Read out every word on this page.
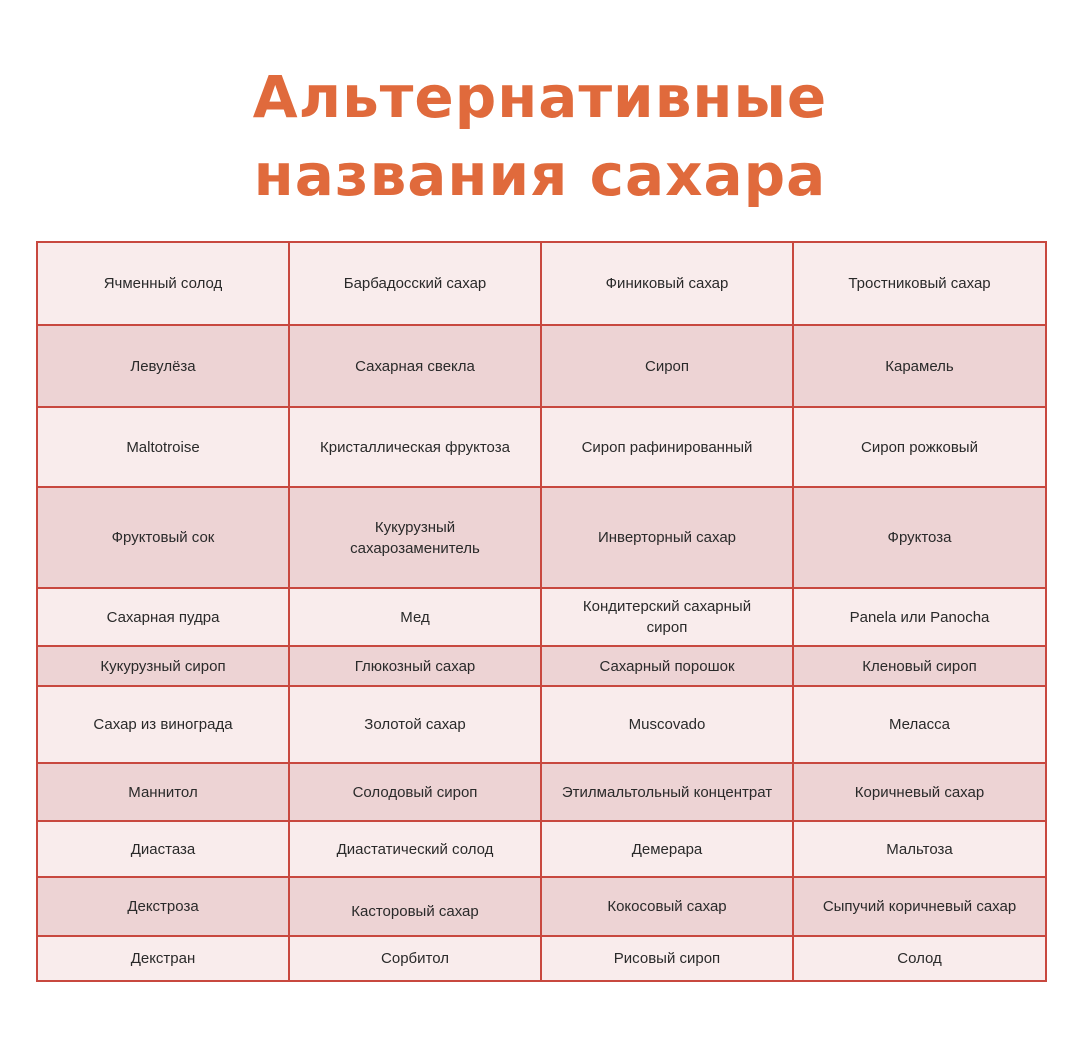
Альтернативные
названия сахара
Ячменный солод	Барбадосский сахар	Финиковый сахар	Тростниковый сахар
Левулёза	Сахарная свекла	Сироп	Карамель
Maltotroise	Кристаллическая фруктоза	Сироп рафинированный	Сироп рожковый
Фруктовый сок	Кукурузный сахарозаменитель	Инверторный сахар	Фруктоза
Сахарная пудра	Мед	Кондитерский сахарный сироп	Panela или Panocha
Кукурузный сироп	Глюкозный сахар	Сахарный порошок	Кленовый сироп
Сахар из винограда	Золотой сахар	Muscovado	Меласса
Маннитол	Солодовый сироп	Этилмальтольный концентрат	Коричневый сахар
Диастаза	Диастатический солод	Демерара	Мальтоза
Декстроза	Касторовый сахар	Кокосовый сахар	Сыпучий коричневый сахар
Декстран	Сорбитол	Рисовый сироп	Солод
